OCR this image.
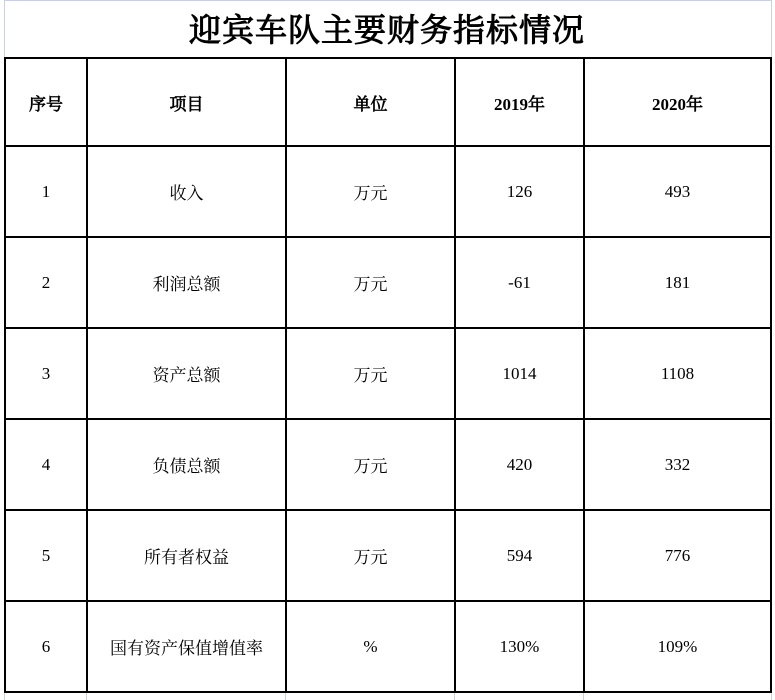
迎宾车队主要财务指标情况
序号	项目	单位	2019年	2020年
1	收入	万元	126	493
2	利润总额	万元	-61	181
3	资产总额	万元	1014	1108
4	负债总额	万元	420	332
5	所有者权益	万元	594	776
6	国有资产保值增值率	%	130%	109%
